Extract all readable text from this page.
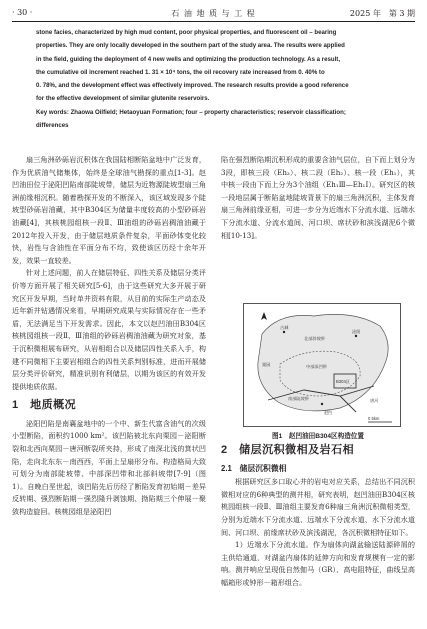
· 30 ·	石 油 地 质 与 工 程	2025 年　第 3 期

stone facies, characterized by high mud content, poor physical properties, and fluorescent oil – bearing

properties. They are only locally developed in the southern part of the study area. The results were applied

in the field, guiding the deployment of 4 new wells and optimizing the production technology. As a result,

the cumulative oil increment reached 1. 31 × 10⁴ tons, the oil recovery rate increased from 0. 40% to

0. 78%, and the development effect was effectively improved. The research results provide a good reference

for the effective development of similar glutenite reservoirs.

Key words: Zhaowa Oilfield; Hetaoyuan Formation; four – property characteristics; reservoir classification;

differences

扇三角洲砂砾岩沉积体在我国陆相断陷盆地中广泛发育，作为优质油气储集体，始终是全球油气勘探的重点[1-3]。赵凹油田位于泌阳凹陷南部陡坡带，储层为近物源陡坡型扇三角洲前缘相沉积。随着勘探开发的不断深入，该区域发现多个陡坡型砂砾岩油藏，其中B304区为储量丰度较高的小型砂砾岩油藏[4]，其核桃园组核一段Ⅱ、Ⅲ油组的砂砾岩稠油油藏于2012年投入开发，由于储层地质条件复杂，平面砂体变化较快，岩性与含油性在平面分布不均，致使该区历经十余年开发，效果一直较差。

针对上述问题，前人在储层特征、四性关系及储层分类评价等方面开展了相关研究[5-6]，由于这些研究大多开展于研究区开发早期，当时单井资料有限，从目前的实际生产动态及近年新井钻遇情况来看，早期研究成果与实际情况存在一些矛盾，无法满足当下开发需求。因此，本文以赵凹油田B304区核桃园组核一段Ⅱ、Ⅲ油组的砂砾岩稠油油藏为研究对象，基于沉积微相展布研究，从岩相组合以及储层四性关系入手，构建不同微相下主要岩相组合的四性关系判别标准，进而开展储层分类评价研究，精准识别有利储层，以期为该区的有效开发提供地质依据。

1　地质概况

泌阳凹陷是南襄盆地中的一个中、新生代富含油气的次级小型断陷，面积约1000 km²。该凹陷被北东向栗园－泌阳断裂和北西向栗园－唐河断裂所夹持，形成了南深北浅的箕状凹陷，走向北东东－南西西，平面上呈扇形分布。构造格局大致可划分为南部陡坡带、中部深凹带和北部斜坡带[7-9]（图1）。自晚白垩世起，该凹陷先后历经了断陷发育初始期－差异反转期、强烈断陷期－强烈隆升剥蚀期、拗陷期三个伸展－聚敛构造旋回。核桃园组是泌阳凹

陷在强烈断陷期沉积形成的重要含油气层位，自下而上划分为3段，即核三段（Eh₃）、核二段（Eh₂）、核一段（Eh₁），其中核一段由下而上分为3个油组（Eh₁Ⅲ—Eh₁Ⅰ）。研究区的核一段地层属于断陷盆地陡坡背景下的扇三角洲沉积，主体发育扇三角洲前缘亚相，可进一步分为近端水下分流水道、远端水下分流水道、分流水道间、河口坝、席状砂和滨浅湖泥6个微相[10-13]。

古城
泌阳
北部斜坡带
中部深凹带
南部陡坡带
赵凹
B304区
唐河
栗园
0 5km
图1　赵凹油田B304区构造位置
2　储层沉积微相及岩石相
2.1　储层沉积微相

根据研究区多口取心井的岩电对应关系，总结出不同沉积微相对应的6种典型的测井相，研究表明，赵凹油田B304区核桃园组核一段Ⅱ、Ⅲ油组主要发育6种扇三角洲沉积微相类型，分别为近端水下分流水道、远端水下分流水道、水下分流水道间、河口坝、前缘席状砂及滨浅湖泥，各沉积微相特征如下。

1）近端水下分流水道。作为扇体向湖盆输送陆源碎屑的主供给通道，对湖盆内扇体的延伸方向和发育规模有一定的影响。测井响应呈现低自然伽马（GR）、高电阻特征，曲线呈高幅箱形或钟形－箱形组合。
